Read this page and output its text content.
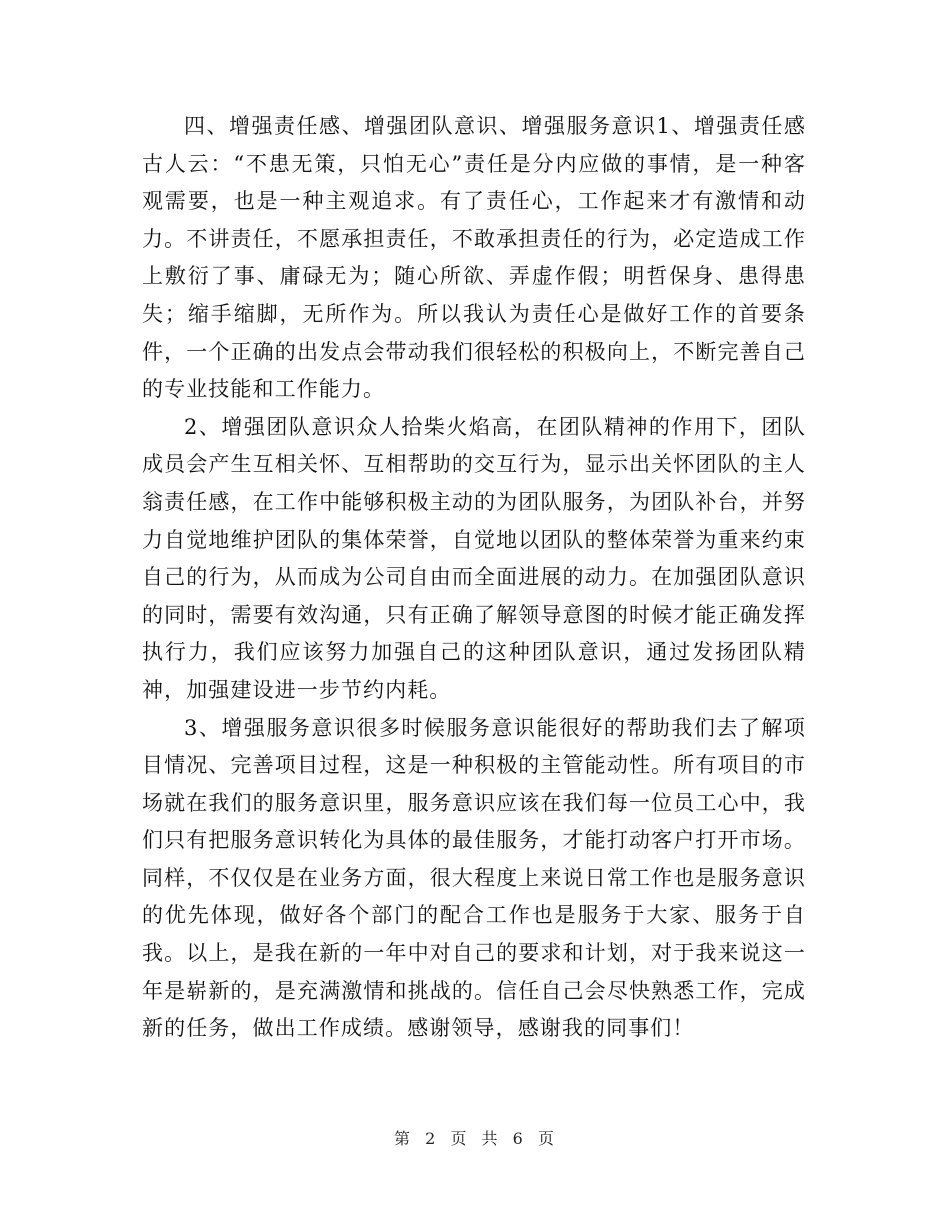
四、增强责任感、增强团队意识、增强服务意识1、增强责任感古人云：“不患无策，只怕无心”责任是分内应做的事情，是一种客观需要，也是一种主观追求。有了责任心，工作起来才有激情和动力。不讲责任，不愿承担责任，不敢承担责任的行为，必定造成工作上敷衍了事、庸碌无为；随心所欲、弄虚作假；明哲保身、患得患失；缩手缩脚，无所作为。所以我认为责任心是做好工作的首要条件，一个正确的出发点会带动我们很轻松的积极向上，不断完善自己的专业技能和工作能力。

2、增强团队意识众人拾柴火焰高，在团队精神的作用下，团队成员会产生互相关怀、互相帮助的交互行为，显示出关怀团队的主人翁责任感，在工作中能够积极主动的为团队服务，为团队补台，并努力自觉地维护团队的集体荣誉，自觉地以团队的整体荣誉为重来约束自己的行为，从而成为公司自由而全面进展的动力。在加强团队意识的同时，需要有效沟通，只有正确了解领导意图的时候才能正确发挥执行力，我们应该努力加强自己的这种团队意识，通过发扬团队精神，加强建设进一步节约内耗。

3、增强服务意识很多时候服务意识能很好的帮助我们去了解项目情况、完善项目过程，这是一种积极的主管能动性。所有项目的市场就在我们的服务意识里，服务意识应该在我们每一位员工心中，我们只有把服务意识转化为具体的最佳服务，才能打动客户打开市场。同样，不仅仅是在业务方面，很大程度上来说日常工作也是服务意识的优先体现，做好各个部门的配合工作也是服务于大家、服务于自我。以上，是我在新的一年中对自己的要求和计划，对于我来说这一年是崭新的，是充满激情和挑战的。信任自己会尽快熟悉工作，完成新的任务，做出工作成绩。感谢领导，感谢我的同事们！

第 2 页 共 6 页
